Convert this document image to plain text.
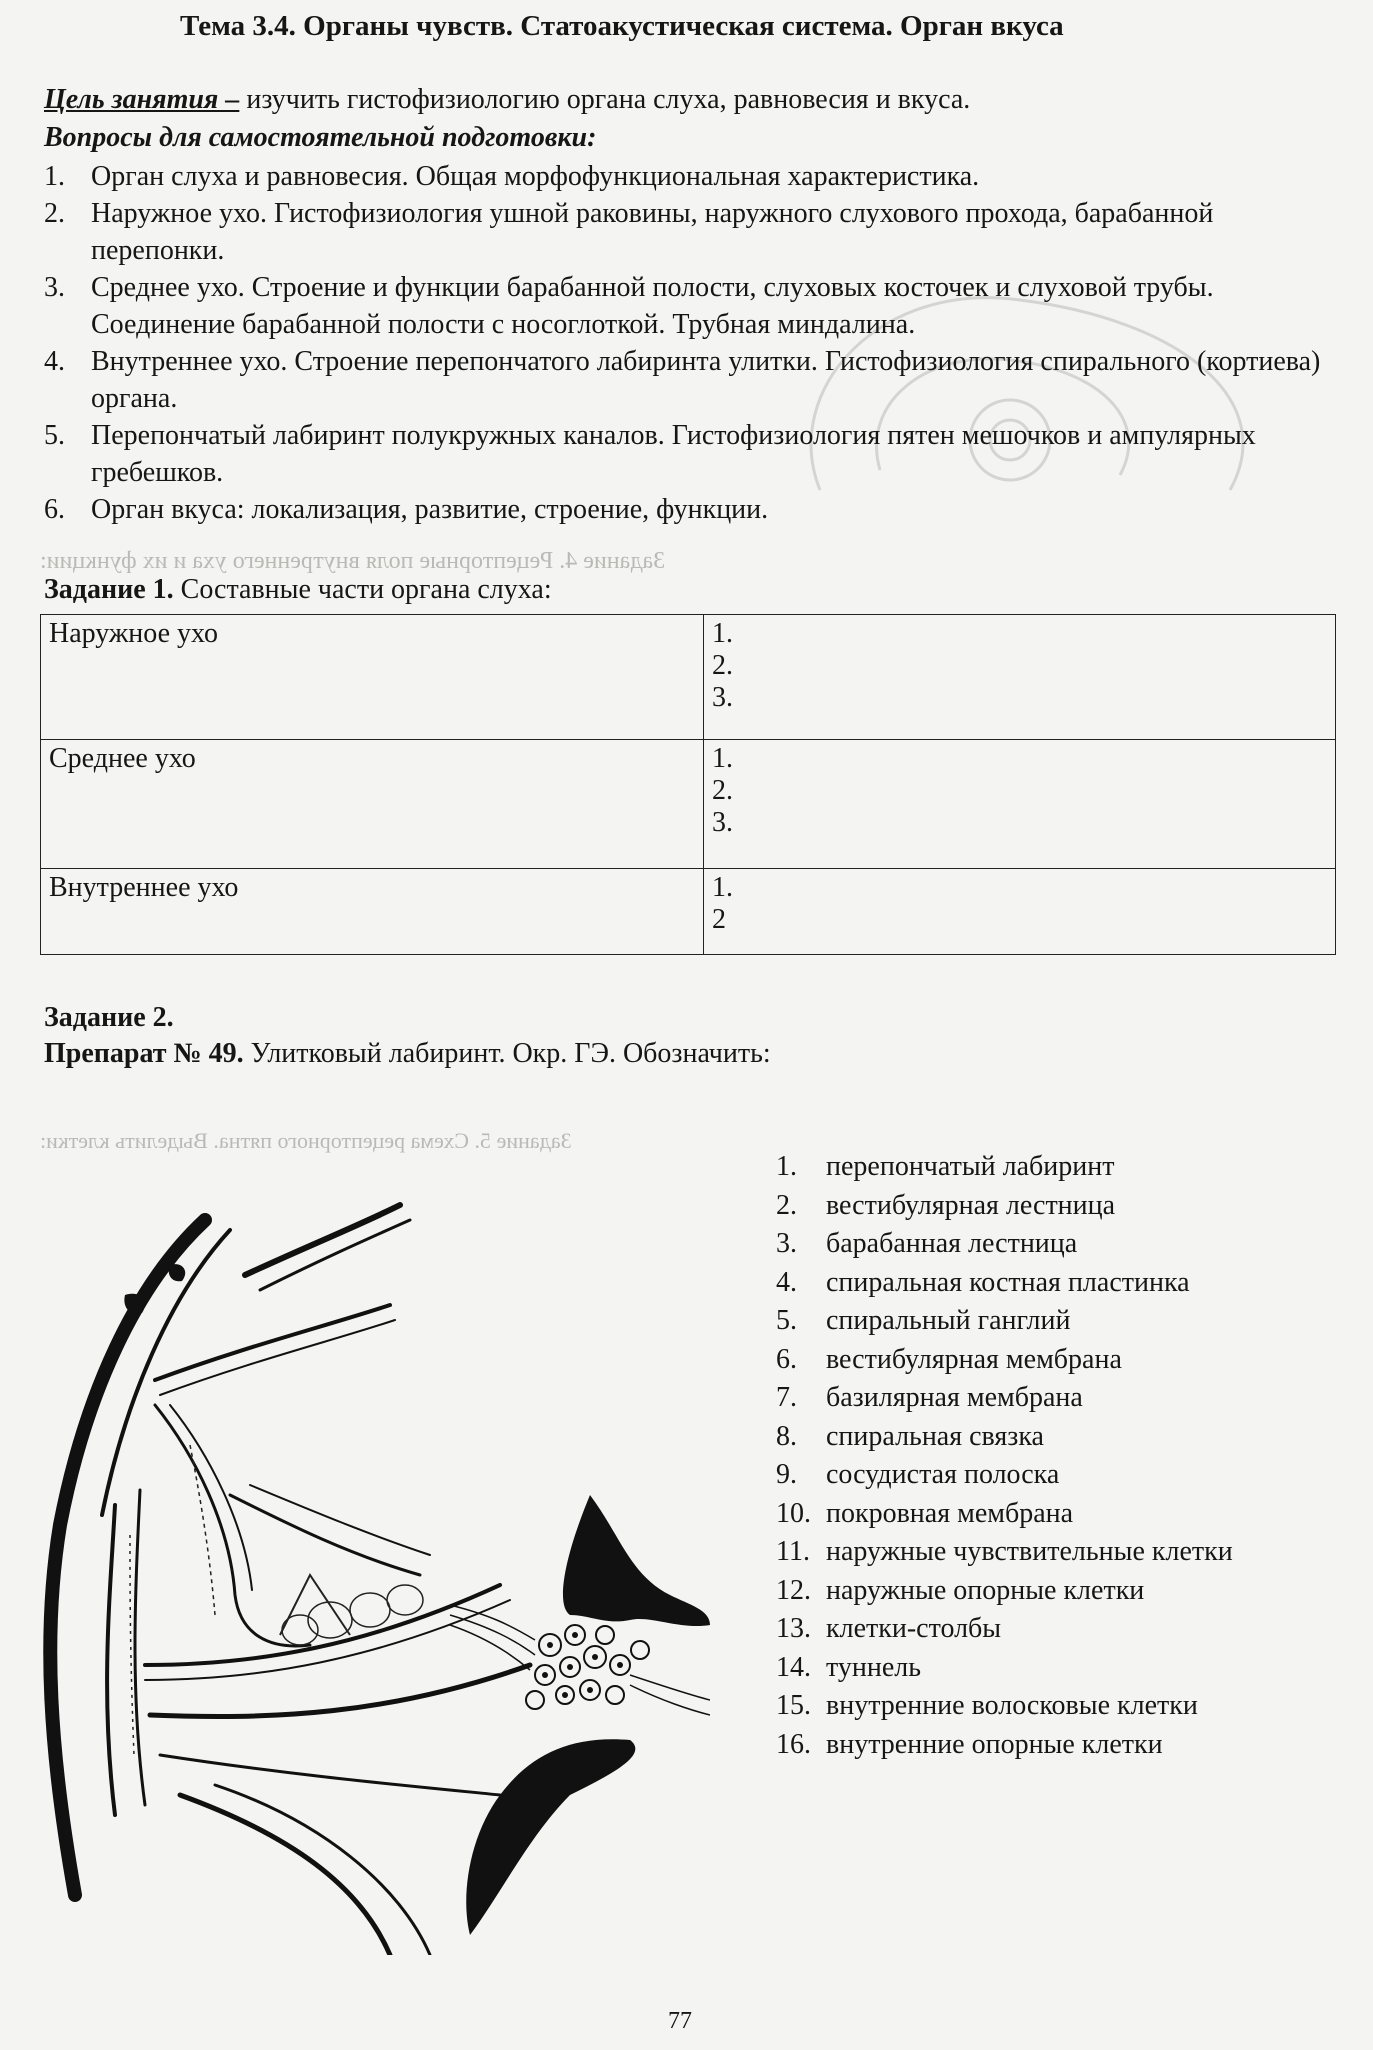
Задание 4. Рецепторные поля внутреннего уха и их функции:
Задание 5. Схема рецепторного пятна. Выделить клетки:
Тема 3.4. Органы чувств. Статоакустическая система. Орган вкуса
Цель занятия – изучить гистофизиологию органа слуха, равновесия и вкуса.
Вопросы для самостоятельной подготовки:
1. Орган слуха и равновесия. Общая морфофункциональная характеристика.
2. Наружное ухо. Гистофизиология ушной раковины, наружного слухового прохода, барабанной перепонки.
3. Среднее ухо. Строение и функции барабанной полости, слуховых косточек и слуховой трубы. Соединение барабанной полости с носоглоткой. Трубная миндалина.
4. Внутреннее ухо. Строение перепончатого лабиринта улитки. Гистофизиология спирального (кортиева) органа.
5. Перепончатый лабиринт полукружных каналов. Гистофизиология пятен мешочков и ампулярных гребешков.
6. Орган вкуса: локализация, развитие, строение, функции.
Задание 1. Составные части органа слуха:
Наружное ухо	1.
2.
3.

Среднее ухо	1.
2.
3.

Внутреннее ухо	1.
2
Задание 2.
Препарат № 49. Улитковый лабиринт. Окр. ГЭ. Обозначить:
1. перепончатый лабиринт
2. вестибулярная лестница
3. барабанная лестница
4. спиральная костная пластинка
5. спиральный ганглий
6. вестибулярная мембрана
7. базилярная мембрана
8. спиральная связка
9. сосудистая полоска
10. покровная мембрана
11. наружные чувствительные клетки
12. наружные опорные клетки
13. клетки-столбы
14. туннель
15. внутренние волосковые клетки
16. внутренние опорные клетки
77
